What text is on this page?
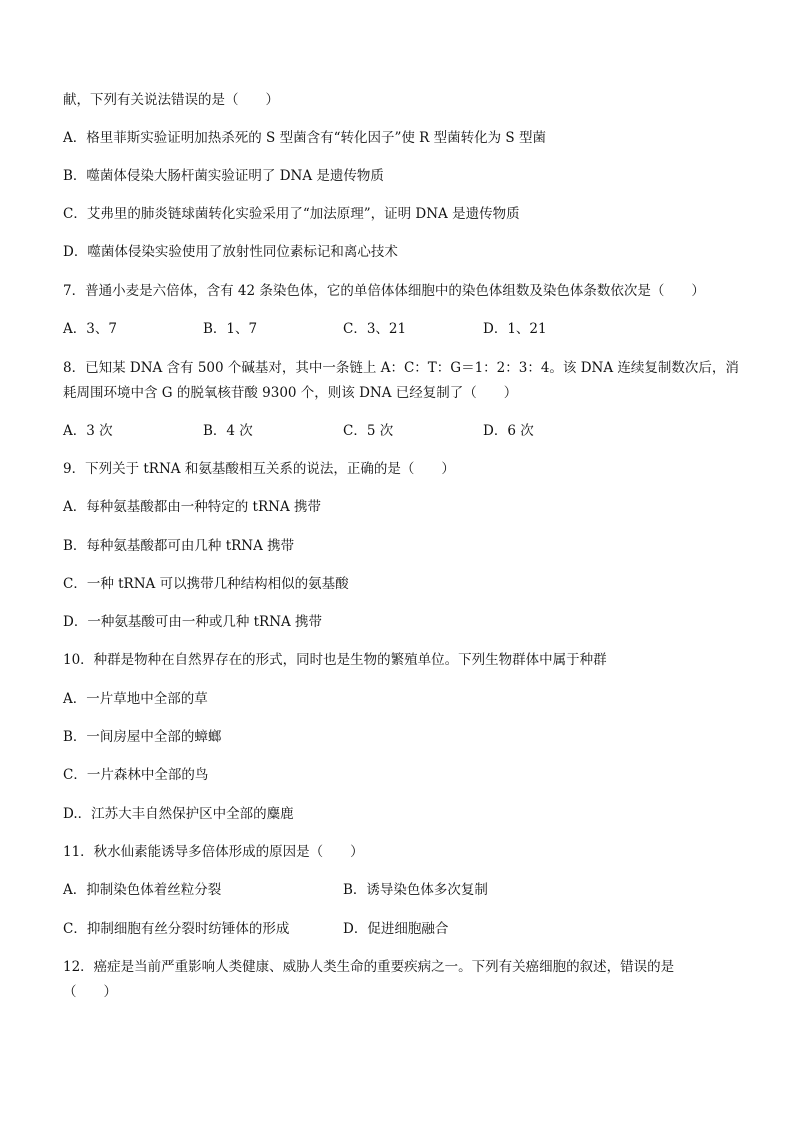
献，下列有关说法错误的是（　　）
A．格里菲斯实验证明加热杀死的 S 型菌含有“转化因子”使 R 型菌转化为 S 型菌
B．噬菌体侵染大肠杆菌实验证明了 DNA 是遗传物质
C．艾弗里的肺炎链球菌转化实验采用了“加法原理”，证明 DNA 是遗传物质
D．噬菌体侵染实验使用了放射性同位素标记和离心技术
7．普通小麦是六倍体，含有 42 条染色体，它的单倍体体细胞中的染色体组数及染色体条数依次是（　　）
A．3、7	B．1、7	C．3、21	D．1、21
8．已知某 DNA 含有 500 个碱基对，其中一条链上 A：C：T：G＝1：2：3：4。该 DNA 连续复制数次后，消
耗周围环境中含 G 的脱氧核苷酸 9300 个，则该 DNA 已经复制了（　　）
A．3 次	B．4 次	C．5 次	D．6 次
9．下列关于 tRNA 和氨基酸相互关系的说法，正确的是（　　）
A．每种氨基酸都由一种特定的 tRNA 携带
B．每种氨基酸都可由几种 tRNA 携带
C．一种 tRNA 可以携带几种结构相似的氨基酸
D．一种氨基酸可由一种或几种 tRNA 携带
10．种群是物种在自然界存在的形式，同时也是生物的繁殖单位。下列生物群体中属于种群
A．一片草地中全部的草
B．一间房屋中全部的蟑螂
C．一片森林中全部的鸟
D.．江苏大丰自然保护区中全部的麋鹿
11．秋水仙素能诱导多倍体形成的原因是（　　）
A．抑制染色体着丝粒分裂	B．诱导染色体多次复制
C．抑制细胞有丝分裂时纺锤体的形成	D．促进细胞融合
12．癌症是当前严重影响人类健康、威胁人类生命的重要疾病之一。下列有关癌细胞的叙述，错误的是
（　　）
